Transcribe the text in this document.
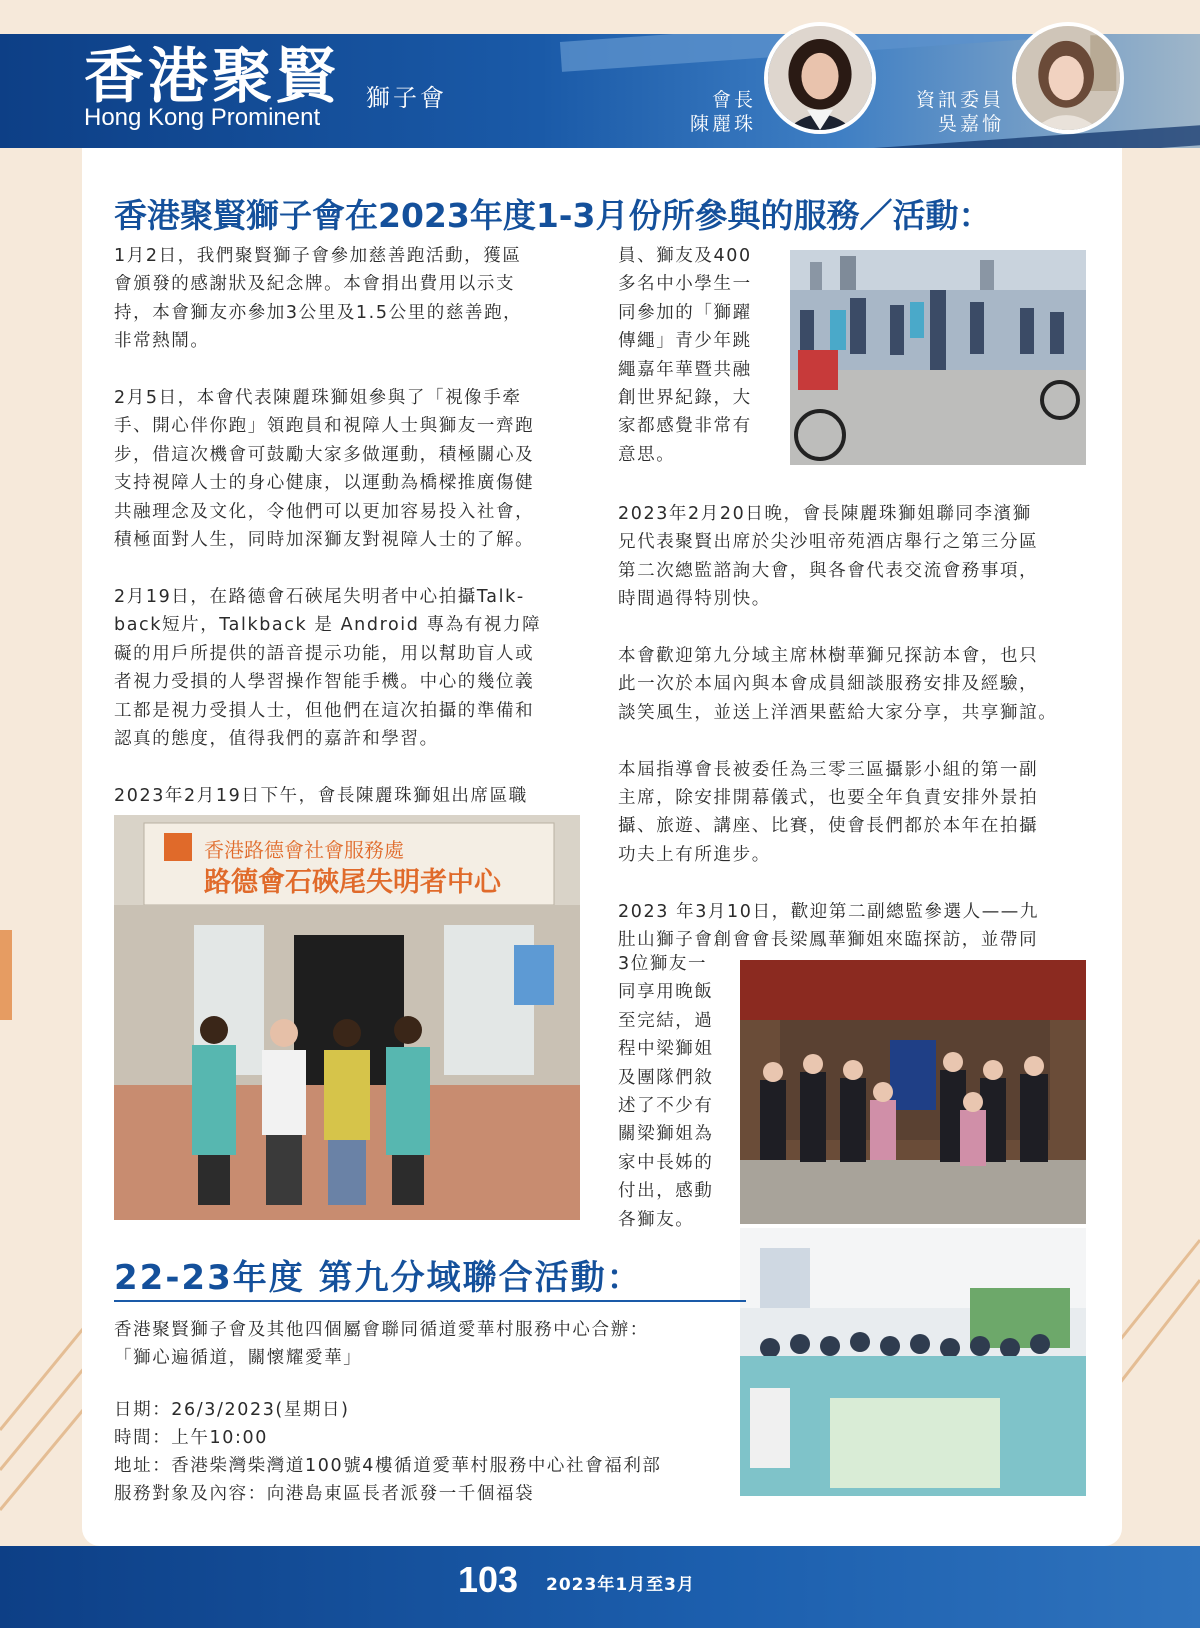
香港聚賢 獅子會
Hong Kong Prominent
會長
陳麗珠
資訊委員
吳嘉愉
香港聚賢獅子會在2023年度1-3月份所參與的服務／活動：
1月2日，我們聚賢獅子會參加慈善跑活動，獲區
會頒發的感謝狀及紀念牌。本會捐出費用以示支
持，本會獅友亦參加3公里及1.5公里的慈善跑，
非常熱鬧。

2月5日，本會代表陳麗珠獅姐參與了「視像手牽
手、開心伴你跑」領跑員和視障人士與獅友一齊跑
步，借這次機會可鼓勵大家多做運動，積極關心及
支持視障人士的身心健康，以運動為橋樑推廣傷健
共融理念及文化，令他們可以更加容易投入社會，
積極面對人生，同時加深獅友對視障人士的了解。

2月19日，在路德會石硤尾失明者中心拍攝Talk-
back短片，Talkback 是 Android 專為有視力障
礙的用戶所提供的語音提示功能，用以幫助盲人或
者視力受損的人學習操作智能手機。中心的幾位義
工都是視力受損人士，但他們在這次拍攝的準備和
認真的態度，值得我們的嘉許和學習。

2023年2月19日下午，會長陳麗珠獅姐出席區職
員、獅友及400
多名中小學生一
同參加的「獅躍
傳繩」青少年跳
繩嘉年華暨共融
創世界紀錄，大
家都感覺非常有
意思。
2023年2月20日晚，會長陳麗珠獅姐聯同李濱獅
兄代表聚賢出席於尖沙咀帝苑酒店舉行之第三分區
第二次總監諮詢大會，與各會代表交流會務事項，
時間過得特別快。

本會歡迎第九分域主席林樹華獅兄探訪本會，也只
此一次於本屆內與本會成員細談服務安排及經驗，
談笑風生，並送上洋酒果藍給大家分享，共享獅誼。

本屆指導會長被委任為三零三區攝影小組的第一副
主席，除安排開幕儀式，也要全年負責安排外景拍
攝、旅遊、講座、比賽，使會長們都於本年在拍攝
功夫上有所進步。

2023 年3月10日，歡迎第二副總監參選人——九
肚山獅子會創會會長梁鳳華獅姐來臨探訪，並帶同
3位獅友一
同享用晚飯
至完結，過
程中梁獅姐
及團隊們敘
述了不少有
關梁獅姐為
家中長姊的
付出，感動
各獅友。
香港路德會社會服務處
路德會石硤尾失明者中心
22-23年度 第九分域聯合活動：
香港聚賢獅子會及其他四個屬會聯同循道愛華村服務中心合辦：
「獅心遍循道，關懷耀愛華」
日期：26/3/2023(星期日)
時間：上午10:00
地址：香港柴灣柴灣道100號4樓循道愛華村服務中心社會福利部
服務對象及內容：向港島東區長者派發一千個福袋
103 2023年1月至3月
